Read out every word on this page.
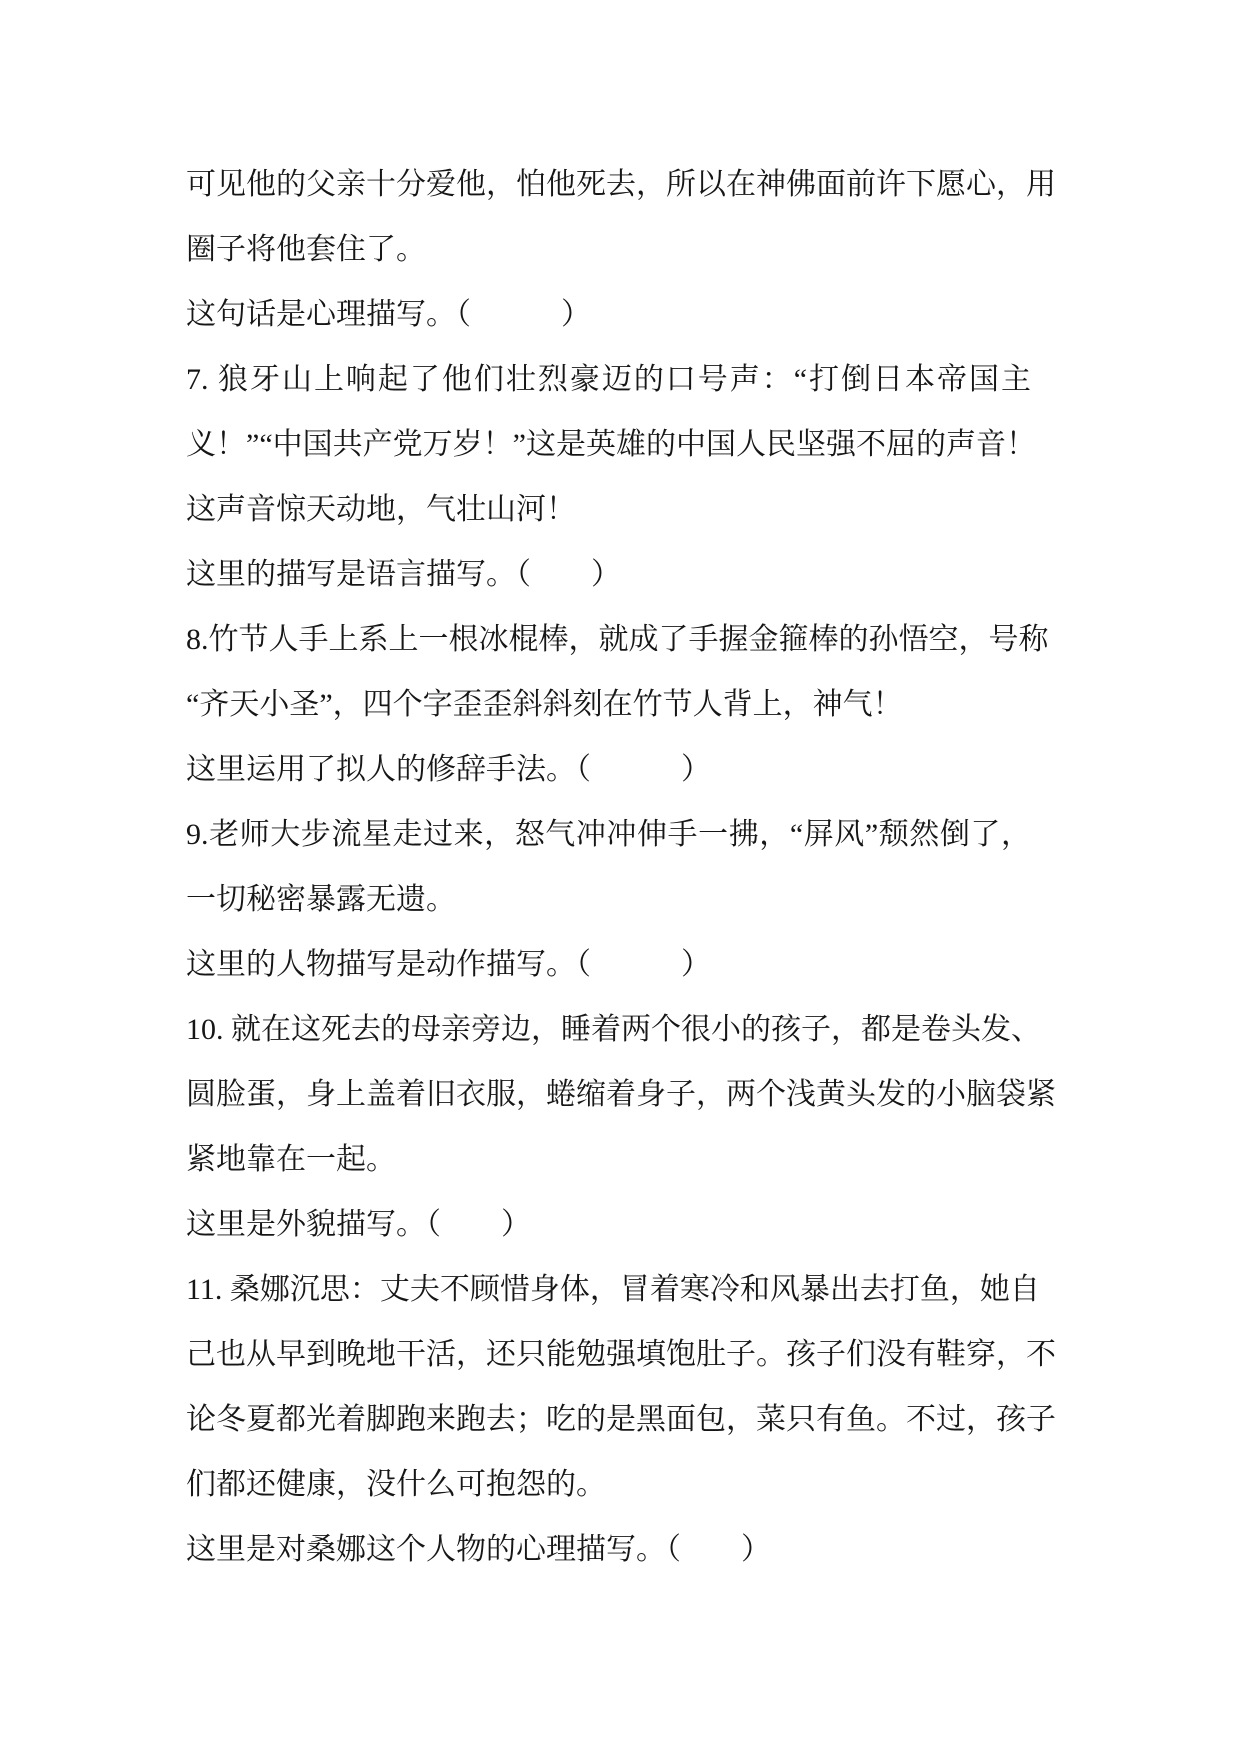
可见他的父亲十分爱他，怕他死去，所以在神佛面前许下愿心，用
圈子将他套住了。
这句话是心理描写。（　　　）
7. 狼牙山上响起了他们壮烈豪迈的口号声：“打倒日本帝国主
义！”“中国共产党万岁！”这是英雄的中国人民坚强不屈的声音！
这声音惊天动地，气壮山河！
这里的描写是语言描写。（　　）
8.竹节人手上系上一根冰棍棒，就成了手握金箍棒的孙悟空，号称
“齐天小圣”，四个字歪歪斜斜刻在竹节人背上，神气！
这里运用了拟人的修辞手法。（　　　）
9.老师大步流星走过来，怒气冲冲伸手一拂，“屏风”颓然倒了，
一切秘密暴露无遗。
这里的人物描写是动作描写。（　　　）
10. 就在这死去的母亲旁边，睡着两个很小的孩子，都是卷头发、
圆脸蛋，身上盖着旧衣服，蜷缩着身子，两个浅黄头发的小脑袋紧
紧地靠在一起。
这里是外貌描写。（　　）
11. 桑娜沉思：丈夫不顾惜身体，冒着寒冷和风暴出去打鱼，她自
己也从早到晚地干活，还只能勉强填饱肚子。孩子们没有鞋穿，不
论冬夏都光着脚跑来跑去；吃的是黑面包，菜只有鱼。不过，孩子
们都还健康，没什么可抱怨的。
这里是对桑娜这个人物的心理描写。（　　）
